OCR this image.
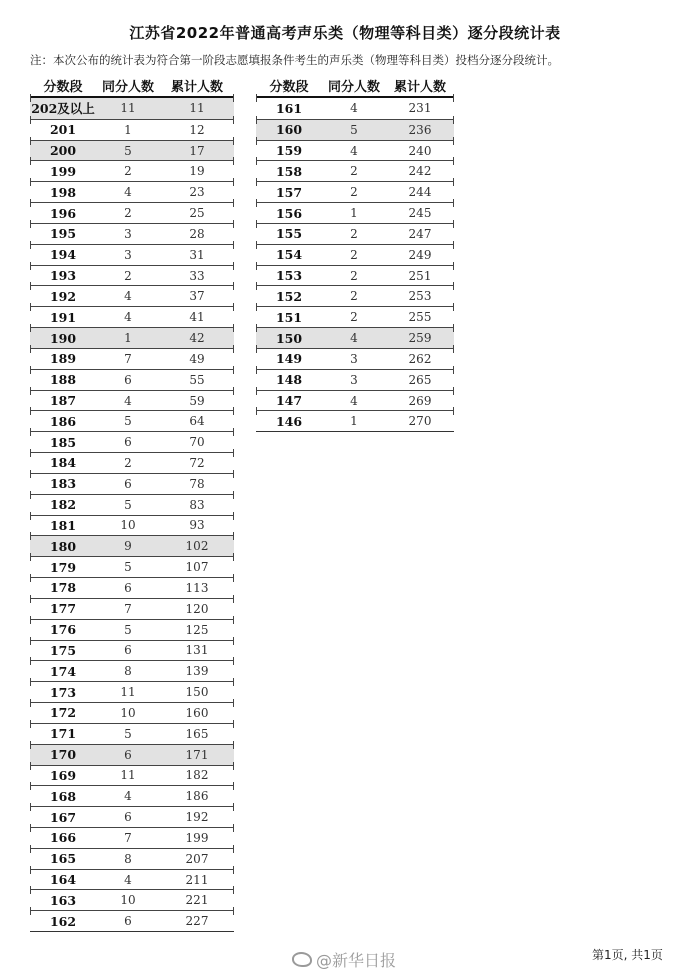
江苏省2022年普通高考声乐类（物理等科目类）逐分段统计表
注：本次公布的统计表为符合第一阶段志愿填报条件考生的声乐类（物理等科目类）投档分逐分段统计。
分数段	同分人数	累计人数
202及以上	11	11
201	1	12
200	5	17
199	2	19
198	4	23
196	2	25
195	3	28
194	3	31
193	2	33
192	4	37
191	4	41
190	1	42
189	7	49
188	6	55
187	4	59
186	5	64
185	6	70
184	2	72
183	6	78
182	5	83
181	10	93
180	9	102
179	5	107
178	6	113
177	7	120
176	5	125
175	6	131
174	8	139
173	11	150
172	10	160
171	5	165
170	6	171
169	11	182
168	4	186
167	6	192
166	7	199
165	8	207
164	4	211
163	10	221
162	6	227
分数段	同分人数	累计人数
161	4	231
160	5	236
159	4	240
158	2	242
157	2	244
156	1	245
155	2	247
154	2	249
153	2	251
152	2	253
151	2	255
150	4	259
149	3	262
148	3	265
147	4	269
146	1	270
@新华日报	第1页, 共1页
